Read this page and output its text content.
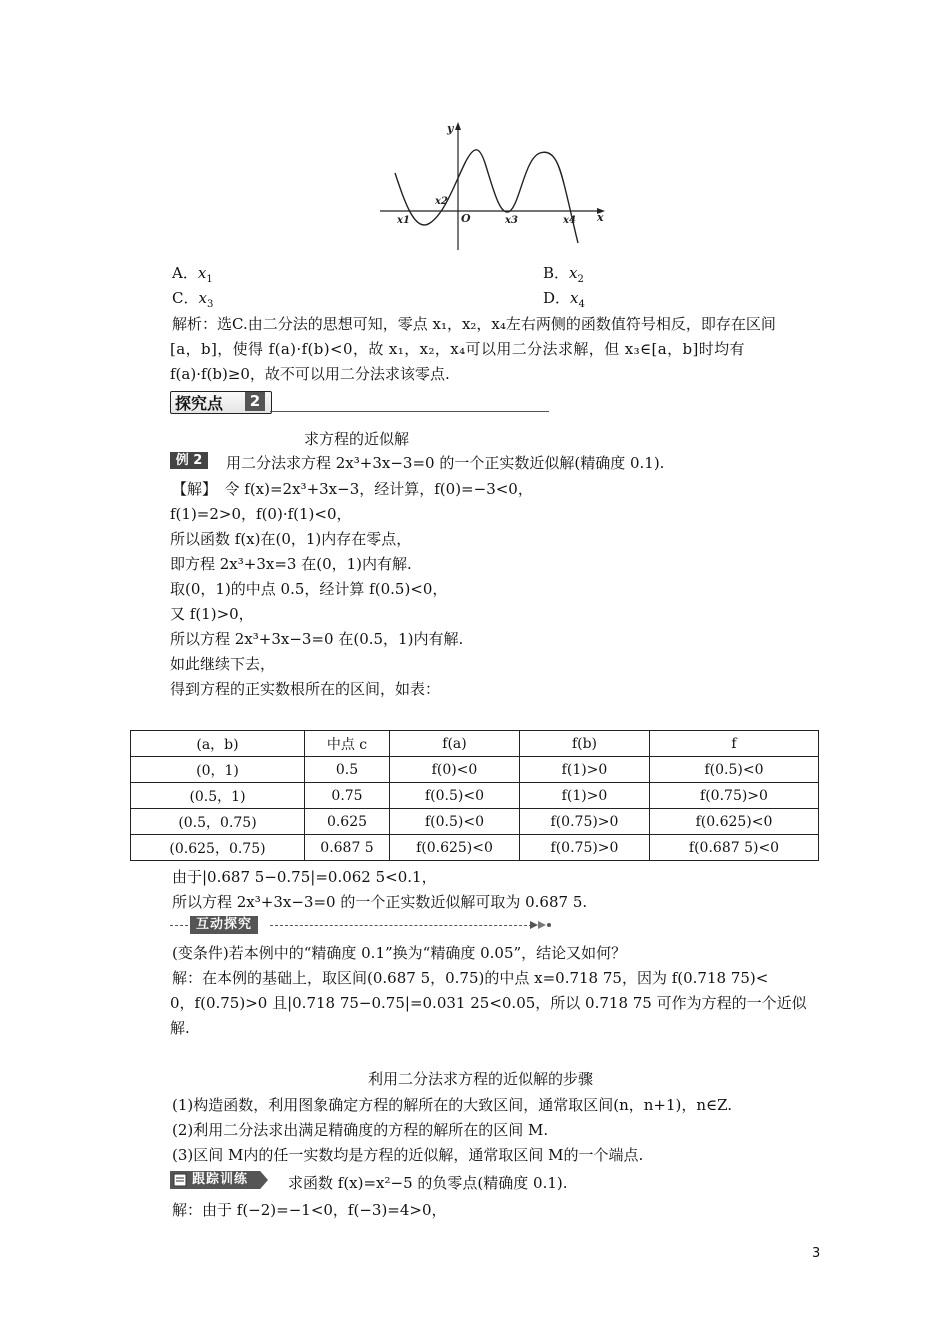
y
x
O
x1
x2
x3	x4
A．$x_1$	B．$x_2$
C．$x_3$	D．$x_4$
解析：选C.由二分法的思想可知，零点 x₁，x₂，x₄左右两侧的函数值符号相反，即存在区间
[a，b]，使得 f(a)·f(b)<0，故 x₁，x₂，x₄可以用二分法求解，但 x₃∈[a，b]时均有
f(a)·f(b)≥0，故不可以用二分法求该零点.
探究点	2
求方程的近似解
例 2	用二分法求方程 2x³+3x−3=0 的一个正实数近似解(精确度 0.1).
【解】　令 f(x)=2x³+3x−3，经计算，f(0)=−3<0，
f(1)=2>0，f(0)·f(1)<0，
所以函数 f(x)在(0，1)内存在零点，
即方程 2x³+3x=3 在(0，1)内有解.
取(0，1)的中点 0.5，经计算 f(0.5)<0，
又 f(1)>0，
所以方程 2x³+3x−3=0 在(0.5，1)内有解.
如此继续下去，
得到方程的正实数根所在的区间，如表：
(a，b)	中点 c	f(a)	f(b)	f
(0，1)	0.5	f(0)<0	f(1)>0	f(0.5)<0
(0.5，1)	0.75	f(0.5)<0	f(1)>0	f(0.75)>0
(0.5，0.75)	0.625	f(0.5)<0	f(0.75)>0	f(0.625)<0
(0.625，0.75)	0.687 5	f(0.625)<0	f(0.75)>0	f(0.687 5)<0
由于|0.687 5−0.75|=0.062 5<0.1，
所以方程 2x³+3x−3=0 的一个正实数近似解可取为 0.687 5.
互动探究
(变条件)若本例中的“精确度 0.1”换为“精确度 0.05”，结论又如何？
解：在本例的基础上，取区间(0.687 5，0.75)的中点 x=0.718 75，因为 f(0.718 75)<
0，f(0.75)>0 且|0.718 75−0.75|=0.031 25<0.05，所以 0.718 75 可作为方程的一个近似
解.
利用二分法求方程的近似解的步骤
(1)构造函数，利用图象确定方程的解所在的大致区间，通常取区间(n，n+1)，n∈Z.
(2)利用二分法求出满足精确度的方程的解所在的区间 M.
(3)区间 M内的任一实数均是方程的近似解，通常取区间 M的一个端点.
跟踪训练	求函数 f(x)=x²−5 的负零点(精确度 0.1).
解：由于 f(−2)=−1<0，f(−3)=4>0，
3
